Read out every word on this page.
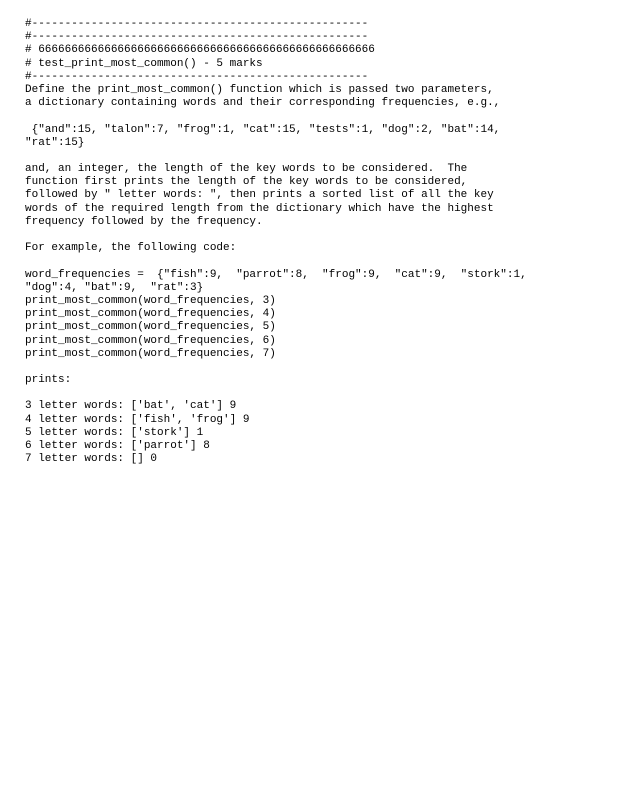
#---------------------------------------------------
#---------------------------------------------------
# 666666666666666666666666666666666666666666666666666
# test_print_most_common() - 5 marks
#---------------------------------------------------
Define the print_most_common() function which is passed two parameters,
a dictionary containing words and their corresponding frequencies, e.g.,
{"and":15, "talon":7, "frog":1, "cat":15, "tests":1, "dog":2, "bat":14,
"rat":15}
and, an integer, the length of the key words to be considered.  The
function first prints the length of the key words to be considered,
followed by " letter words: ", then prints a sorted list of all the key
words of the required length from the dictionary which have the highest
frequency followed by the frequency.
For example, the following code:
word_frequencies =  {"fish":9,  "parrot":8,  "frog":9,  "cat":9,  "stork":1,
"dog":4, "bat":9,  "rat":3}
print_most_common(word_frequencies, 3)
print_most_common(word_frequencies, 4)
print_most_common(word_frequencies, 5)
print_most_common(word_frequencies, 6)
print_most_common(word_frequencies, 7)
prints:
3 letter words: ['bat', 'cat'] 9
4 letter words: ['fish', 'frog'] 9
5 letter words: ['stork'] 1
6 letter words: ['parrot'] 8
7 letter words: [] 0
